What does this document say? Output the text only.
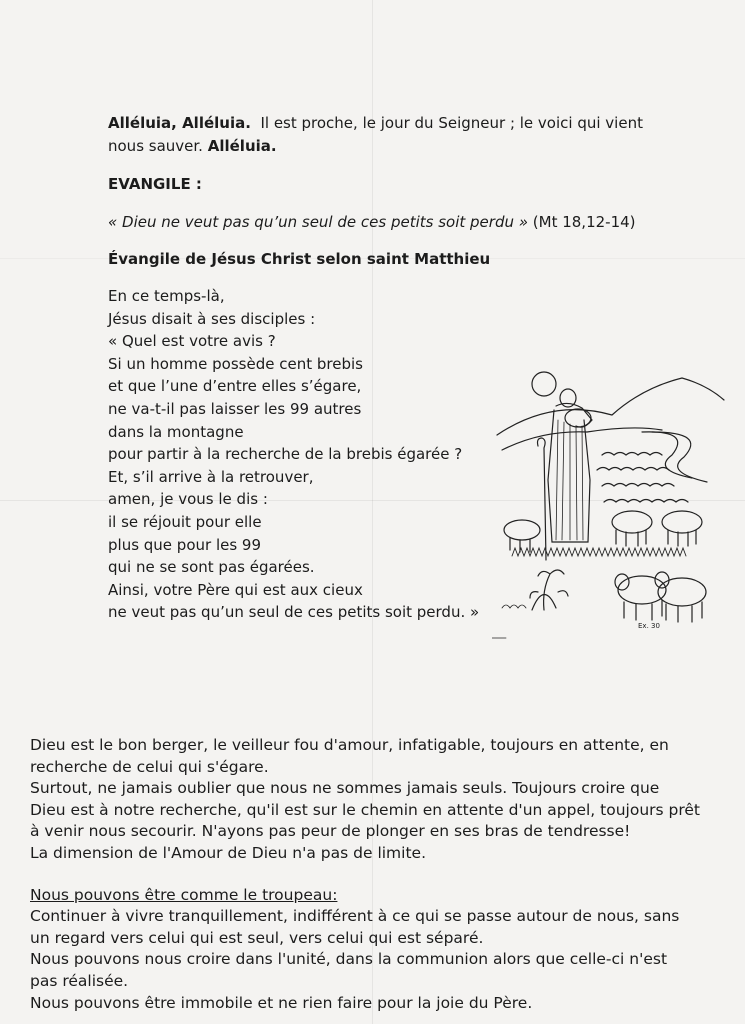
Alléluia, Alléluia. Il est proche, le jour du Seigneur ; le voici qui vient
nous sauver. Alléluia.

EVANGILE :
« Dieu ne veut pas qu’un seul de ces petits soit perdu » (Mt 18,12-14)
Évangile de Jésus Christ selon saint Matthieu
En ce temps-là,
Jésus disait à ses disciples :
« Quel est votre avis ?
Si un homme possède cent brebis
et que l’une d’entre elles s’égare,
ne va-t-il pas laisser les 99 autres
dans la montagne
pour partir à la recherche de la brebis égarée ?
Et, s’il arrive à la retrouver,
amen, je vous le dis :
il se réjouit pour elle
plus que pour les 99
qui ne se sont pas égarées.
Ainsi, votre Père qui est aux cieux
ne veut pas qu’un seul de ces petits soit perdu. »
Ex. 30
Dieu est le bon berger, le veilleur fou d'amour, infatigable, toujours en attente, en
recherche de celui qui s'égare.
Surtout, ne jamais oublier que nous ne sommes jamais seuls. Toujours croire que
Dieu est à notre recherche, qu'il est sur le chemin en attente d'un appel, toujours prêt
à venir nous secourir. N'ayons pas peur de plonger en ses bras de tendresse!
La dimension de l'Amour de Dieu n'a pas de limite.
Nous pouvons être comme le troupeau:
Continuer à vivre tranquillement, indifférent à ce qui se passe autour de nous, sans
un regard vers celui qui est seul, vers celui qui est séparé.
Nous pouvons nous croire dans l'unité, dans la communion alors que celle-ci n'est
pas réalisée.
Nous pouvons être immobile et ne rien faire pour la joie du Père.
